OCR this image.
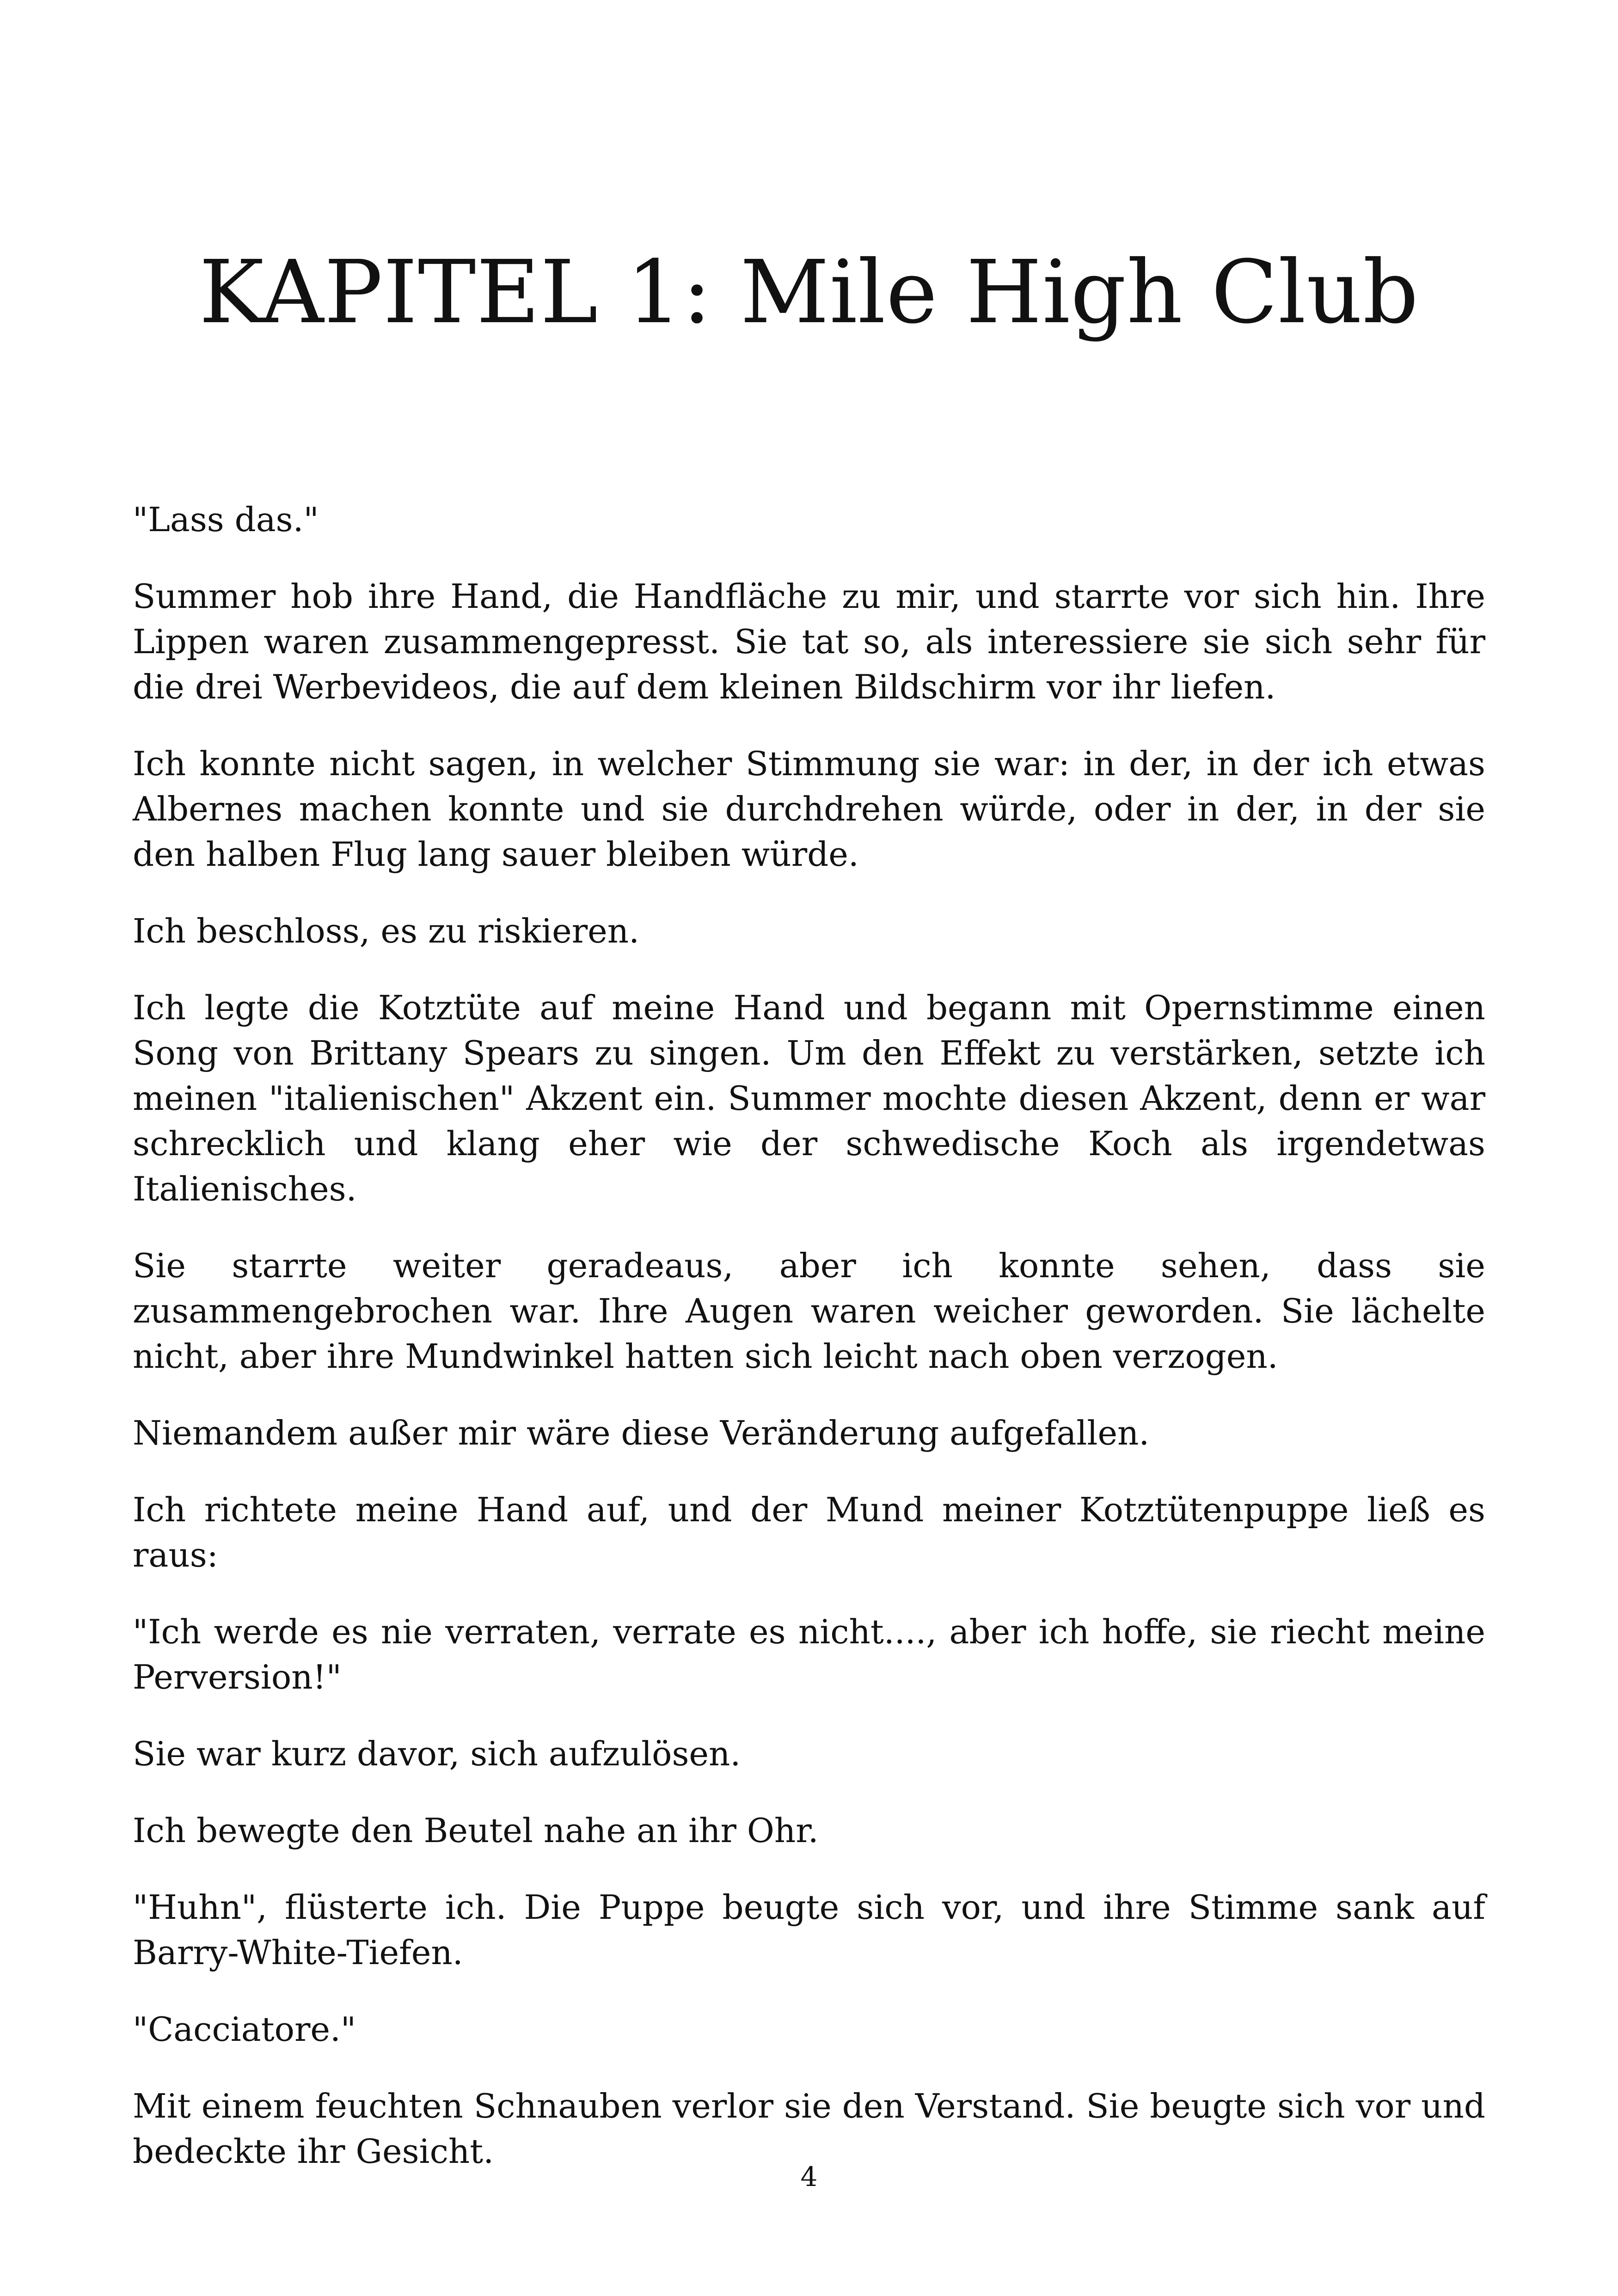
KAPITEL 1: Mile High Club

"Lass das."

Summer hob ihre Hand, die Handfläche zu mir, und starrte vor sich hin. Ihre Lippen waren zusammengepresst. Sie tat so, als interessiere sie sich sehr für die drei Werbevideos, die auf dem kleinen Bildschirm vor ihr liefen.

Ich konnte nicht sagen, in welcher Stimmung sie war: in der, in der ich etwas Albernes machen konnte und sie durchdrehen würde, oder in der, in der sie den halben Flug lang sauer bleiben würde.

Ich beschloss, es zu riskieren.

Ich legte die Kotztüte auf meine Hand und begann mit Opernstimme einen Song von Brittany Spears zu singen. Um den Effekt zu verstärken, setzte ich meinen "italienischen" Akzent ein. Summer mochte diesen Akzent, denn er war schrecklich und klang eher wie der schwedische Koch als irgendetwas Italienisches.

Sie starrte weiter geradeaus, aber ich konnte sehen, dass sie zusammengebrochen war. Ihre Augen waren weicher geworden. Sie lächelte nicht, aber ihre Mundwinkel hatten sich leicht nach oben verzogen.

Niemandem außer mir wäre diese Veränderung aufgefallen.

Ich richtete meine Hand auf, und der Mund meiner Kotztütenpuppe ließ es raus:

"Ich werde es nie verraten, verrate es nicht...., aber ich hoffe, sie riecht meine Perversion!"

Sie war kurz davor, sich aufzulösen.

Ich bewegte den Beutel nahe an ihr Ohr.

"Huhn", flüsterte ich. Die Puppe beugte sich vor, und ihre Stimme sank auf Barry-White-Tiefen.

"Cacciatore."

Mit einem feuchten Schnauben verlor sie den Verstand. Sie beugte sich vor und bedeckte ihr Gesicht.

4
